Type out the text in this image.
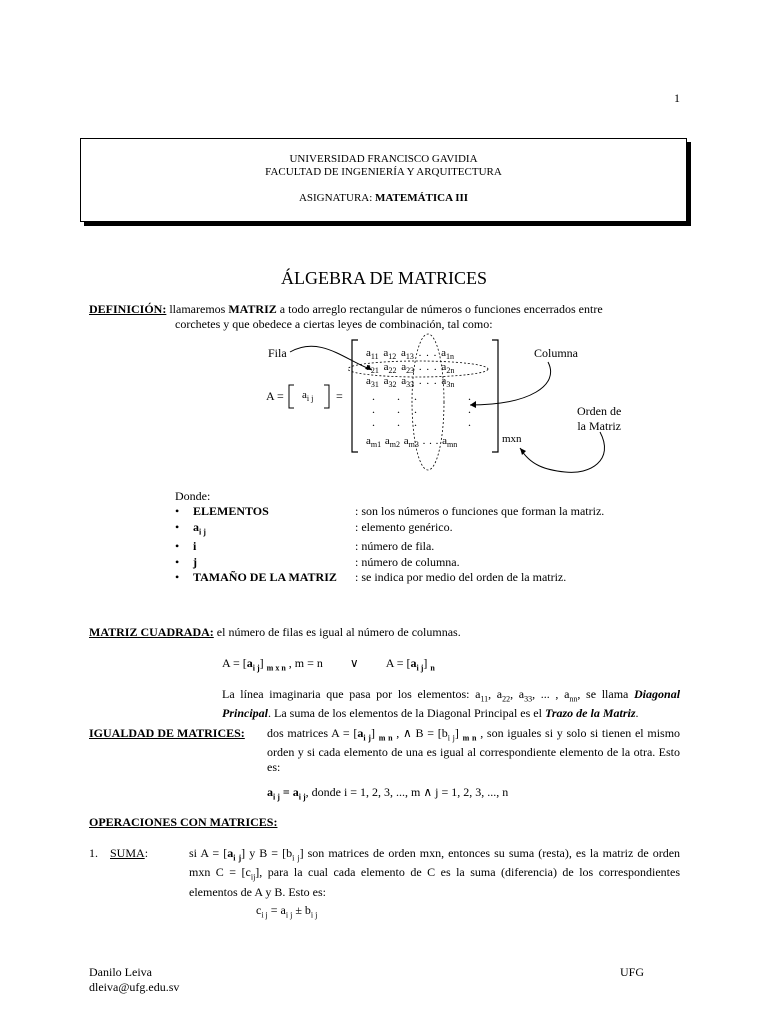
1
UNIVERSIDAD FRANCISCO GAVIDIA
FACULTAD DE INGENIERÍA Y ARQUITECTURA
ASIGNATURA: MATEMÁTICA III
ÁLGEBRA DE MATRICES
DEFINICIÓN: llamaremos MATRIZ a todo arreglo rectangular de números o funciones encerrados entre
corchetes y que obedece a ciertas leyes de combinación, tal como:
. . .	.
. . .	.
. . .	.
Fila	Columna
Orden de
la Matriz
$A = a_{i j}$ =
$a_{11}$ $a_{12}$ $a_{13}$ . . . $a_{1n}$
$a_{21}$ $a_{22}$ $a_{23}$ . . . $a_{2n}$
$a_{31}$ $a_{32}$ $a_{33}$ . . . $a_{3n}$
$a_{m1}$ $a_{m2}$ $a_{m3}$ . . . $a_{mn}$	mxn
Donde:
•	ELEMENTOS	: son los números o funciones que forman la matriz.
•	$a_{i j}$	: elemento genérico.
•	i	: número de fila.
•	j	: número de columna.
•	TAMAÑO DE LA MATRIZ	: se indica por medio del orden de la matriz.
MATRIZ CUADRADA: el número de filas es igual al número de columnas.
$A = [a_{i j}]$ $_{m x n}$ , m = n         ∨         $A = [a_{i j}]$ $_n$
La línea imaginaria que pasa por los elementos: $a_{11}$, $a_{22}$, $a_{33}$, ... , $a_{nn}$, se llama Diagonal Principal. La suma de los elementos de la Diagonal Principal es el Trazo de la Matriz.
IGUALDAD DE MATRICES: dos matrices $A = [a_{i j}]$ $_{m n}$ , ∧ $B = [b_{i j}]$ $_{m n}$ , son iguales si y solo si tienen el mismo orden y si cada elemento de una es igual al correspondiente elemento de la otra. Esto es:
$a_{i j} = a_{i j}$, donde i = 1, 2, 3, ..., m ∧ j = 1, 2, 3, ..., n
OPERACIONES CON MATRICES:
1. SUMA:	si $A = [a_{i j}]$ y $B = [b_{i j}]$ son matrices de orden mxn, entonces su suma (resta), es la matriz de orden mxn $C = [c_{ij}]$, para la cual cada elemento de C es la suma (diferencia) de los correspondientes elementos de A y B. Esto es:
$c_{i j} = a_{i j} \pm b_{i j}$
Danilo Leiva
dleiva@ufg.edu.sv
UFG
